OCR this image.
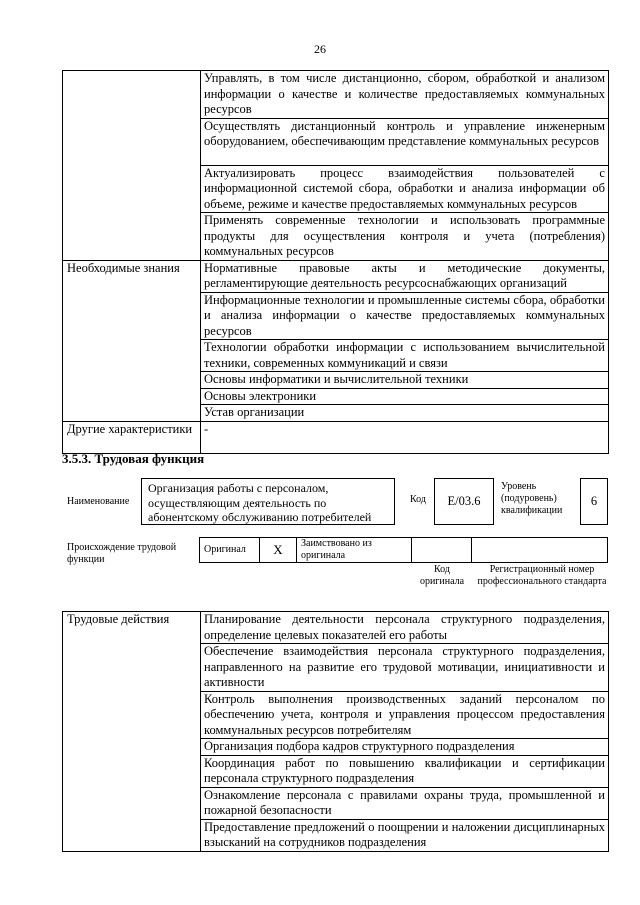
26
	Управлять, в том числе дистанционно, сбором, обработкой и анализом информации о качестве и количестве предоставляемых коммунальных ресурсов
	Осуществлять дистанционный контроль и управление инженерным оборудованием, обеспечивающим представление коммунальных ресурсов
	Актуализировать процесс взаимодействия пользователей с информационной системой сбора, обработки и анализа информации об объеме, режиме и качестве предоставляемых коммунальных ресурсов
	Применять современные технологии и использовать программные продукты для осуществления контроля и учета (потребления) коммунальных ресурсов
Необходимые знания	Нормативные правовые акты и методические документы, регламентирующие деятельность ресурсоснабжающих организаций
	Информационные технологии и промышленные системы сбора, обработки и анализа информации о качестве предоставляемых коммунальных ресурсов
	Технологии обработки информации с использованием вычислительной техники, современных коммуникаций и связи
	Основы информатики и вычислительной техники
	Основы электроники
	Устав организации
Другие характеристики	-
3.5.3. Трудовая функция
Наименование
Организация работы с персоналом, осуществляющим деятельность по абонентскому обслуживанию потребителей
Код	E/03.6
Уровень (подуровень) квалификации
6
Происхождение трудовой функции
Оригинал	X	Заимствовано из оригинала		
Код оригинала
Регистрационный номер профессионального стандарта
Трудовые действия	Планирование деятельности персонала структурного подразделения, определение целевых показателей его работы
Обеспечение взаимодействия персонала структурного подразделения, направленного на развитие его трудовой мотивации, инициативности и активности
Контроль выполнения производственных заданий персоналом по обеспечению учета, контроля и управления процессом предоставления коммунальных ресурсов потребителям
Организация подбора кадров структурного подразделения
Координация работ по повышению квалификации и сертификации персонала структурного подразделения
Ознакомление персонала с правилами охраны труда, промышленной и пожарной безопасности
Предоставление предложений о поощрении и наложении дисциплинарных взысканий на сотрудников подразделения
